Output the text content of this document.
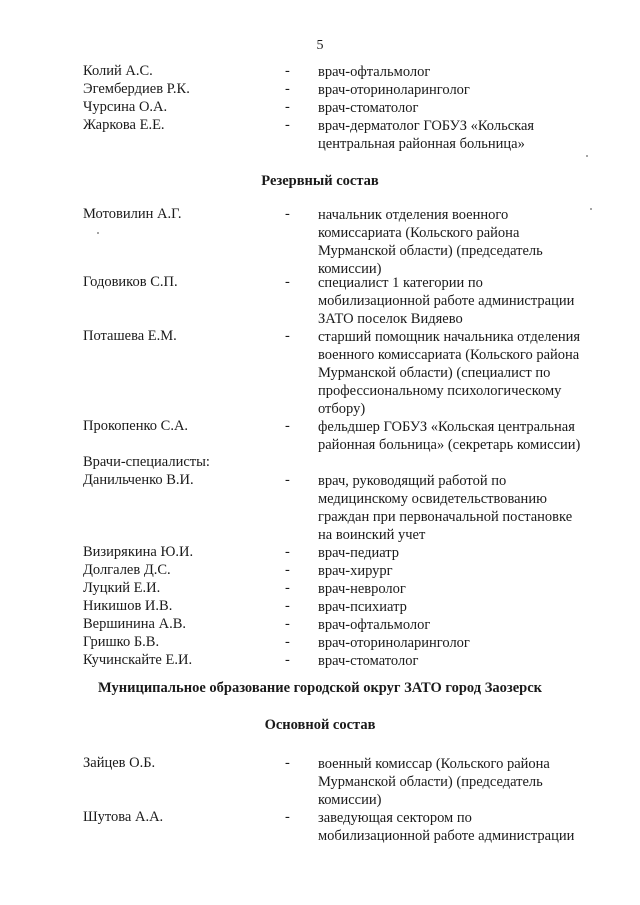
5
Колий А.С.	- врач-офтальмолог
Эгембердиев Р.К.	- врач-оториноларинголог
Чурсина О.А.	- врач-стоматолог
Жаркова Е.Е.	- врач-дерматолог ГОБУЗ «Кольская
центральная районная больница»
Резервный состав
Мотовилин А.Г.	- начальник отделения военного
комиссариата (Кольского района
Мурманской области) (председатель
комиссии)
Годовиков С.П.	- специалист 1 категории по
мобилизационной работе администрации
ЗАТО поселок Видяево
Поташева Е.М.	- старший помощник начальника отделения
военного комиссариата (Кольского района
Мурманской области) (специалист по
профессиональному психологическому
отбору)
Прокопенко С.А.	- фельдшер ГОБУЗ «Кольская центральная
районная больница» (секретарь комиссии)
Врачи-специалисты:
Данильченко В.И.	- врач, руководящий работой по
медицинскому освидетельствованию
граждан при первоначальной постановке
на воинский учет
Визирякина Ю.И.	- врач-педиатр
Долгалев Д.С.	- врач-хирург
Луцкий Е.И.	- врач-невролог
Никишов И.В.	- врач-психиатр
Вершинина А.В.	- врач-офтальмолог
Гришко Б.В.	- врач-оториноларинголог
Кучинскайте Е.И.	- врач-стоматолог
Муниципальное образование городской округ ЗАТО город Заозерск
Основной состав
Зайцев О.Б.	- военный комиссар (Кольского района
Мурманской области) (председатель
комиссии)
Шутова А.А.	- заведующая сектором по
мобилизационной работе администрации
